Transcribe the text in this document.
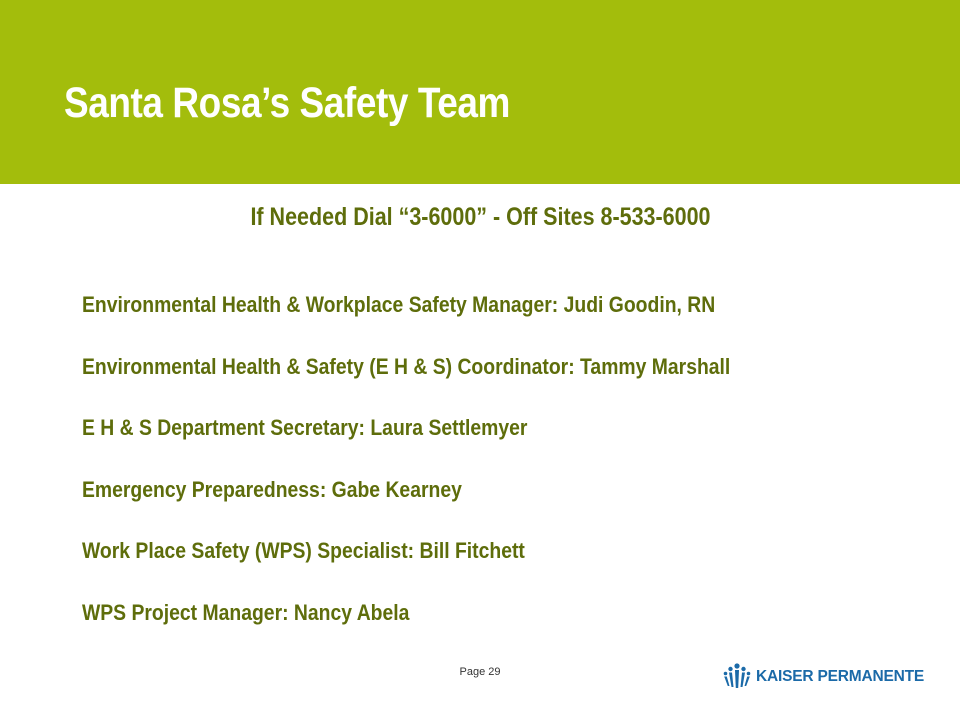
Santa Rosa’s Safety Team
If Needed Dial “3-6000” - Off Sites 8-533-6000
Environmental Health & Workplace Safety Manager: Judi Goodin, RN
Environmental Health & Safety (E H & S) Coordinator: Tammy Marshall
E H & S Department Secretary: Laura Settlemyer
Emergency Preparedness: Gabe Kearney
Work Place Safety (WPS) Specialist: Bill Fitchett
WPS Project Manager: Nancy Abela
Page 29	KAISER PERMANENTE
